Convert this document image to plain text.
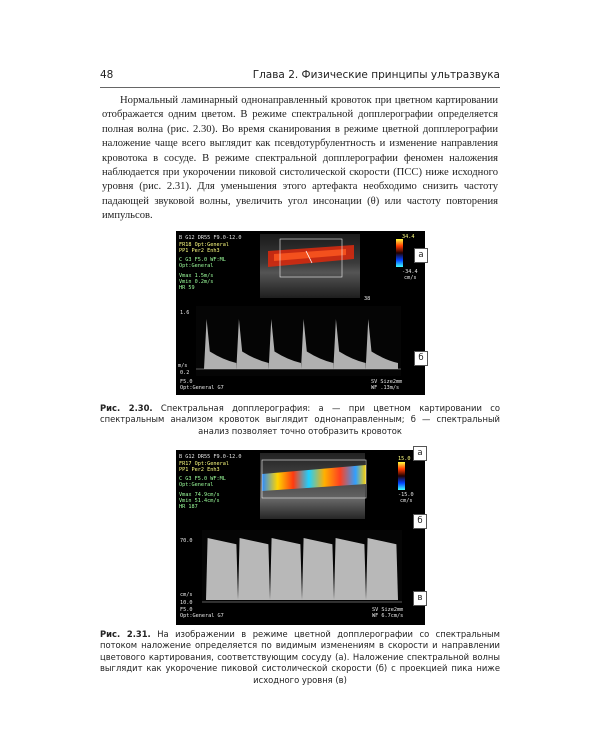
48	Глава 2. Физические принципы ультразвука

Нормальный ламинарный однонаправленный кровоток при цветном картировании отображается одним цветом. В режиме спектральной допплерографии определяется полная волна (рис. 2.30). Во время сканирования в режиме цветной допплерографии наложение чаще всего выглядит как псевдотурбулентность и изменение направления кровотока в сосуде. В режиме спектральной допплерографии феномен наложения наблюдается при укорочении пиковой систолической скорости (ПСС) ниже исходного уровня (рис. 2.31). Для уменьшения этого артефакта необходимо снизить частоту падающей звуковой волны, увеличить угол инсонации (θ) или частоту повторения импульсов.

B G12 DR55 F9.0-12.0
FR18 Opt:General
PP1 Per2 Enh3
C G3 F5.0 WF:ML
Opt:General
Vmax 1.5m/s
Vmin 0.2m/s
HR 59
34.4
-34.4
cm/s
38
1.6
m/s
0.2
F5.0
Opt:General G7
SV Size2mm
WF .13m/s
а
б

Рис. 2.30. Спектральная допплерография: а — при цветном картировании со спектральным анализом кровоток выглядит однонаправленным; б — спектральный анализ позволяет точно отобразить кровоток

B G12 DR55 F9.0-12.0
FR17 Opt:General
PP1 Per2 Enh3
C G3 F5.0 WF:ML
Opt:General
Vmax 74.9cm/s
Vmin 51.4cm/s
HR 187
15.0
-15.0
cm/s
70.0
cm/s
10.0
F5.0
Opt:General G7
SV Size2mm
WF 6.7cm/s
а
б
в

Рис. 2.31. На изображении в режиме цветной допплерографии со спектральным потоком наложение определяется по видимым изменениям в скорости и направлении цветового картирования, соответствующим сосуду (а). Наложение спектральной волны выглядит как укорочение пиковой систолической скорости (б) с проекцией пика ниже исходного уровня (в)
